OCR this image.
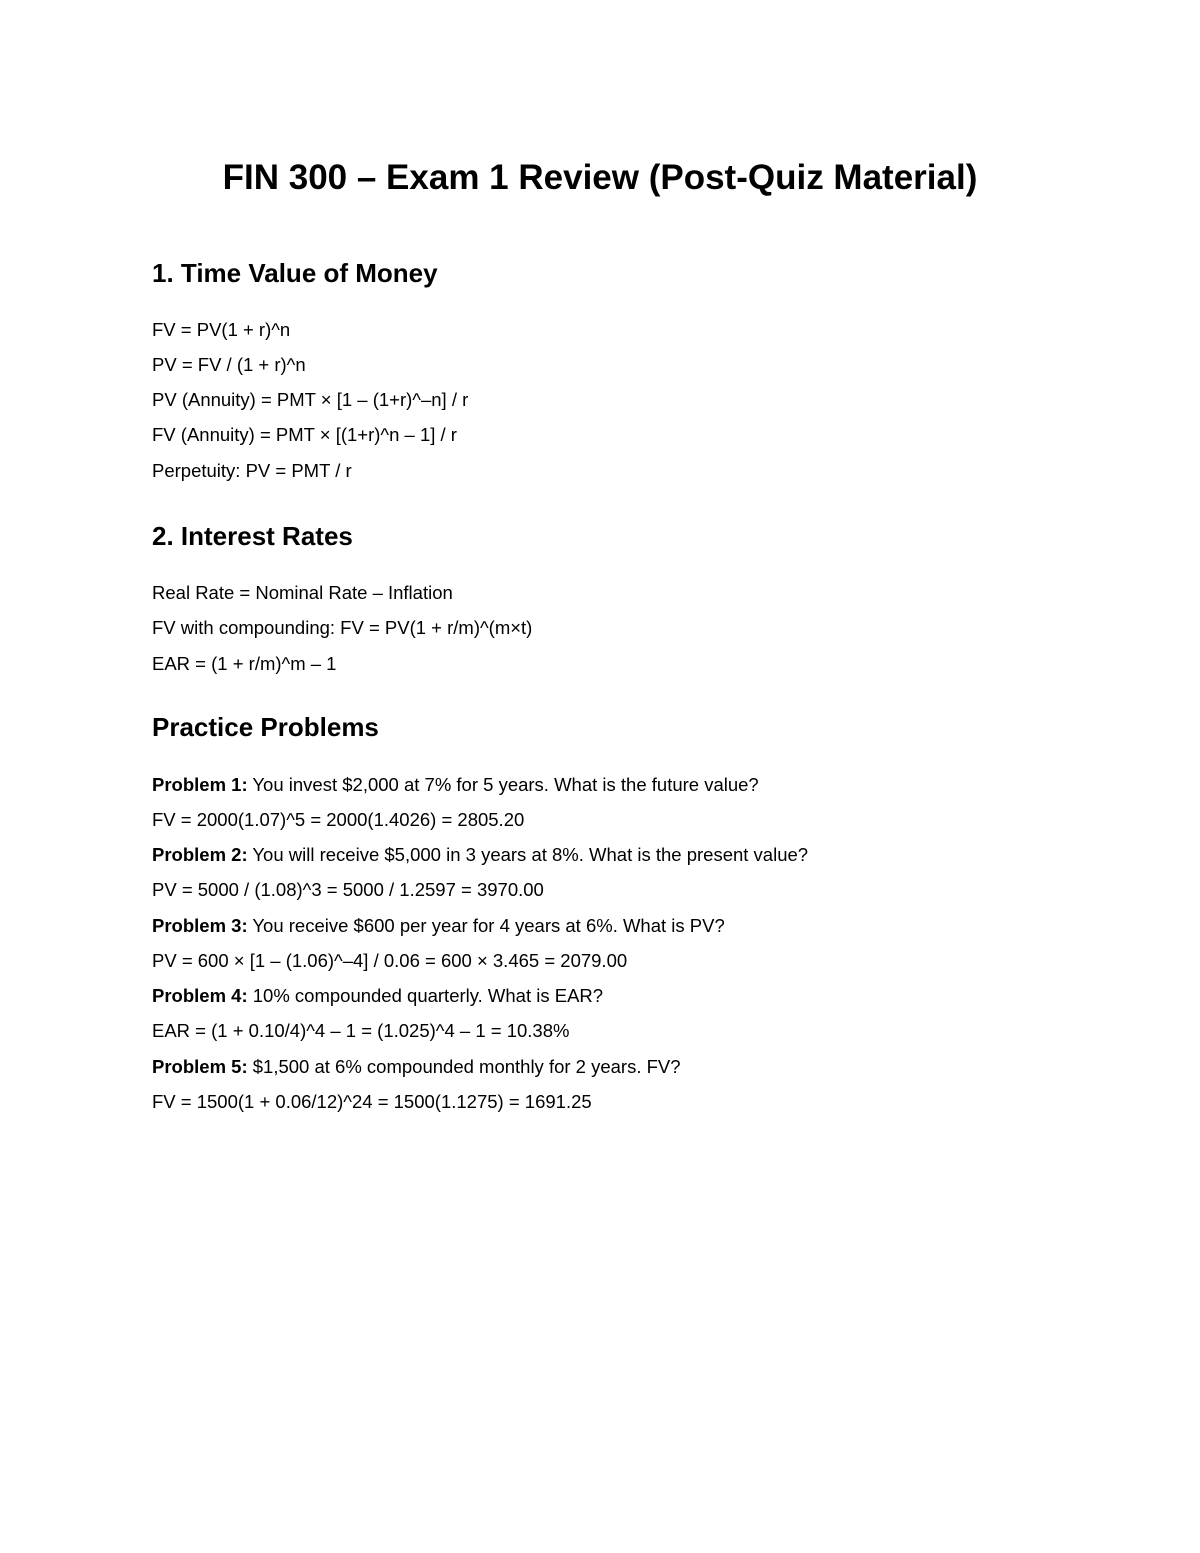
FIN 300 – Exam 1 Review (Post-Quiz Material)
1. Time Value of Money

FV = PV(1 + r)^n

PV = FV / (1 + r)^n

PV (Annuity) = PMT × [1 – (1+r)^–n] / r

FV (Annuity) = PMT × [(1+r)^n – 1] / r

Perpetuity: PV = PMT / r

2. Interest Rates

Real Rate = Nominal Rate – Inflation

FV with compounding: FV = PV(1 + r/m)^(m×t)

EAR = (1 + r/m)^m – 1

Practice Problems

Problem 1: You invest $2,000 at 7% for 5 years. What is the future value?

FV = 2000(1.07)^5 = 2000(1.4026) = 2805.20

Problem 2: You will receive $5,000 in 3 years at 8%. What is the present value?

PV = 5000 / (1.08)^3 = 5000 / 1.2597 = 3970.00

Problem 3: You receive $600 per year for 4 years at 6%. What is PV?

PV = 600 × [1 – (1.06)^–4] / 0.06 = 600 × 3.465 = 2079.00

Problem 4: 10% compounded quarterly. What is EAR?

EAR = (1 + 0.10/4)^4 – 1 = (1.025)^4 – 1 = 10.38%

Problem 5: $1,500 at 6% compounded monthly for 2 years. FV?

FV = 1500(1 + 0.06/12)^24 = 1500(1.1275) = 1691.25
